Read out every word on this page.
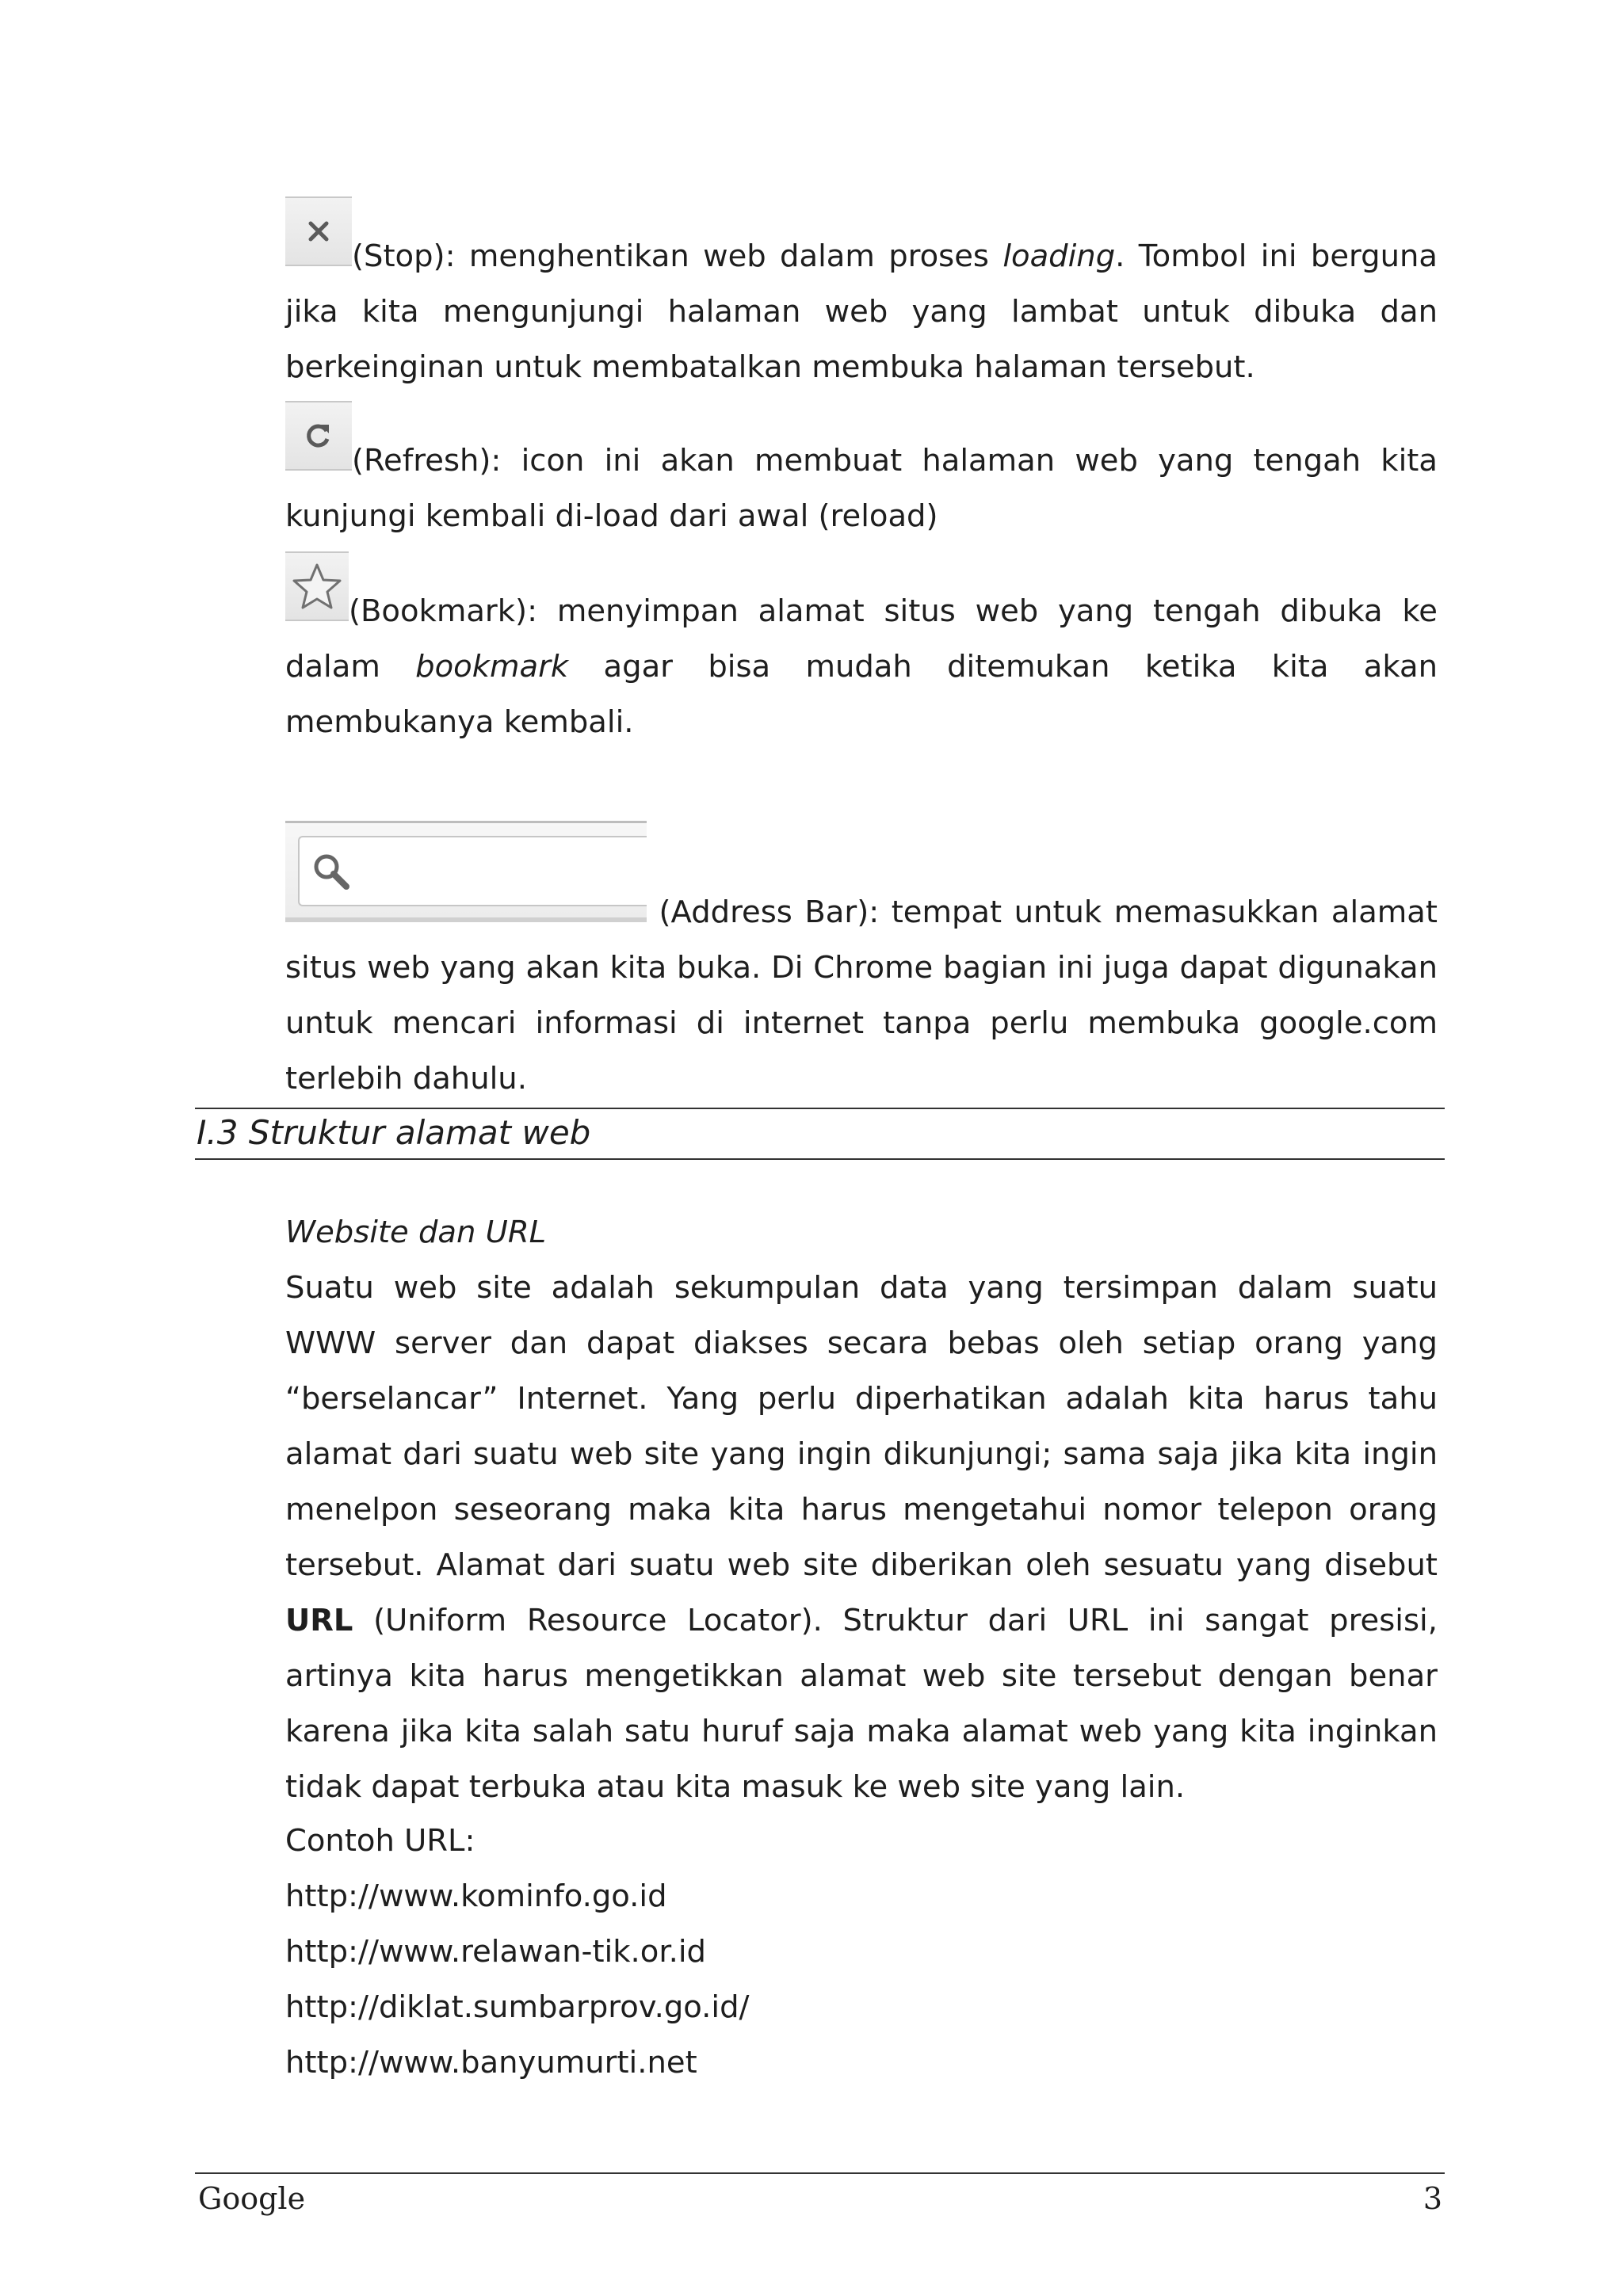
(Stop): menghentikan web dalam proses loading. Tombol ini berguna jika kita mengunjungi halaman web yang lambat untuk dibuka dan berkeinginan untuk membatalkan membuka halaman tersebut.

(Refresh): icon ini akan membuat halaman web yang tengah kita kunjungi kembali di-load dari awal (reload)

(Bookmark): menyimpan alamat situs web yang tengah dibuka ke dalam bookmark agar bisa mudah ditemukan ketika kita akan membukanya kembali.

(Address Bar): tempat untuk memasukkan alamat situs web yang akan kita buka. Di Chrome bagian ini juga dapat digunakan untuk mencari informasi di internet tanpa perlu membuka google.com terlebih dahulu.

I.3 Struktur alamat web

Website dan URL

Suatu web site adalah sekumpulan data yang tersimpan dalam suatu WWW server dan dapat diakses secara bebas oleh setiap orang yang “berselancar” Internet. Yang perlu diperhatikan adalah kita harus tahu alamat dari suatu web site yang ingin dikunjungi; sama saja jika kita ingin menelpon seseorang maka kita harus mengetahui nomor telepon orang tersebut. Alamat dari suatu web site diberikan oleh sesuatu yang disebut URL (Uniform Resource Locator). Struktur dari URL ini sangat presisi, artinya kita harus mengetikkan alamat web site tersebut dengan benar karena jika kita salah satu huruf saja maka alamat web yang kita inginkan tidak dapat terbuka atau kita masuk ke web site yang lain.

Contoh URL:

http://www.kominfo.go.id

http://www.relawan-tik.or.id

http://diklat.sumbarprov.go.id/

http://www.banyumurti.net

Google	3
